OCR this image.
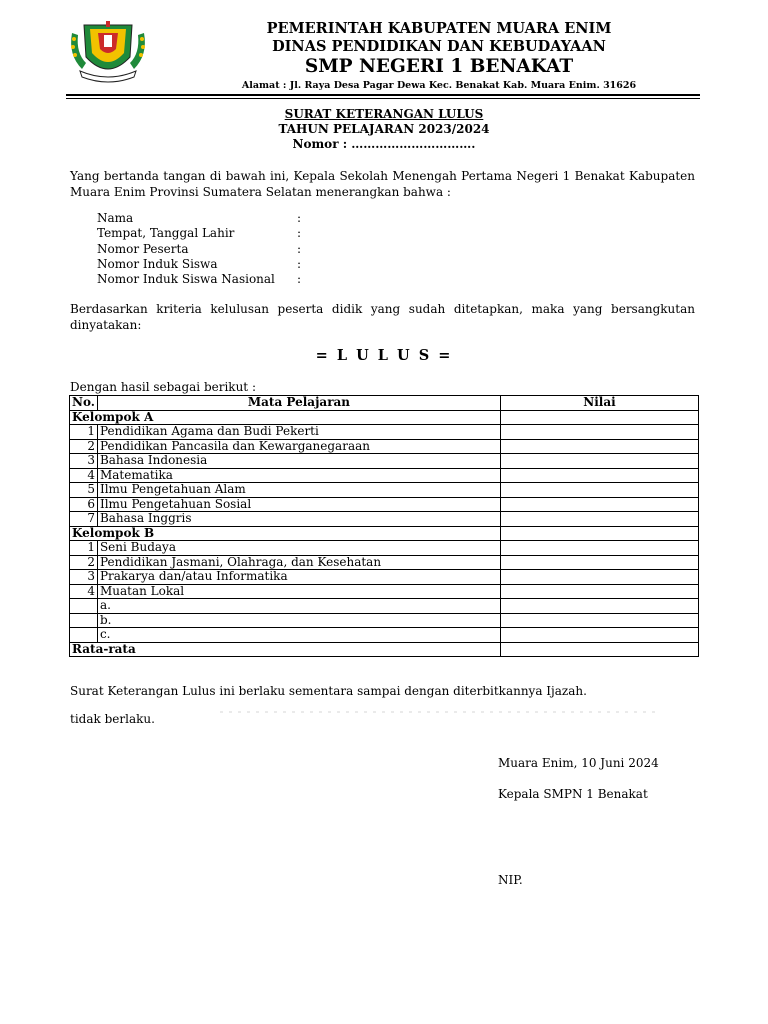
PEMERINTAH KABUPATEN MUARA ENIM
DINAS PENDIDIKAN DAN KEBUDAYAAN
SMP NEGERI 1 BENAKAT
Alamat : Jl. Raya Desa Pagar Dewa Kec. Benakat Kab. Muara Enim. 31626
SURAT KETERANGAN LULUS
TAHUN PELAJARAN 2023/2024
Nomor : ………………………….
Yang bertanda tangan di bawah ini, Kepala Sekolah Menengah Pertama Negeri 1 Benakat Kabupaten Muara Enim Provinsi Sumatera Selatan menerangkan bahwa :
Nama	:
Tempat, Tanggal Lahir	:
Nomor Peserta	:
Nomor Induk Siswa	:
Nomor Induk Siswa Nasional	:
Berdasarkan kriteria kelulusan peserta didik yang sudah ditetapkan, maka yang bersangkutan dinyatakan:
= L U L U S =
Dengan hasil sebagai berikut :
No.	Mata Pelajaran	Nilai
Kelompok A		
1	Pendidikan Agama dan Budi Pekerti	
2	Pendidikan Pancasila dan Kewarganegaraan	
3	Bahasa Indonesia	
4	Matematika	
5	Ilmu Pengetahuan Alam	
6	Ilmu Pengetahuan Sosial	
7	Bahasa Inggris	
Kelompok B		
1	Seni Budaya	
2	Pendidikan Jasmani, Olahraga, dan Kesehatan	
3	Prakarya dan/atau Informatika	
4	Muatan Lokal	
	a.	
	b.	
	c.	
Rata-rata		
Surat Keterangan Lulus ini berlaku sementara sampai dengan diterbitkannya Ijazah.
tidak berlaku.
Muara Enim, 10 Juni 2024
Kepala SMPN 1 Benakat
NIP.
